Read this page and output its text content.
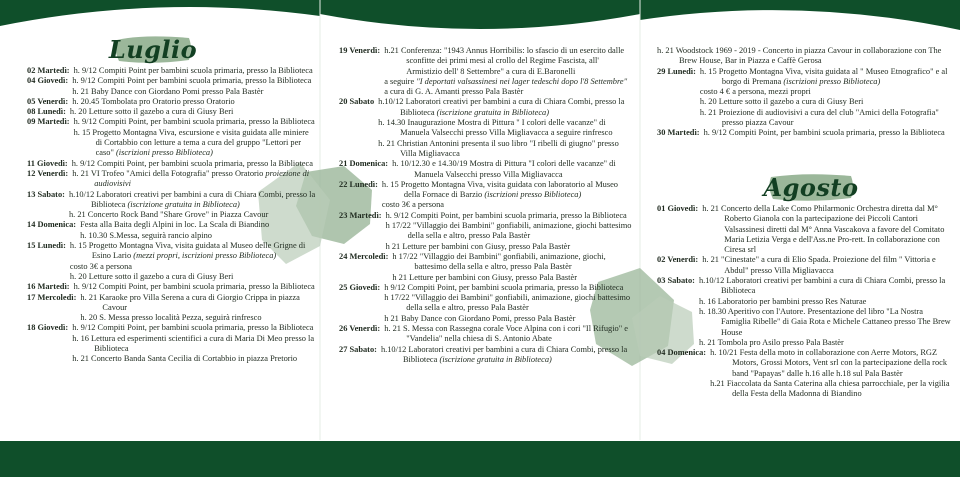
Luglio
02 Martedì: h. 9/12 Compiti Point per bambini scuola primaria, presso la Biblioteca
04 Giovedì: h. 9/12 Compiti Point per bambini scuola primaria, presso la Biblioteca
h. 21 Baby Dance con Giordano Pomi presso Pala Bastèr
05 Venerdì: h. 20.45 Tombolata pro Oratorio presso Oratorio
08 Lunedì: h. 20 Letture sotto il gazebo a cura di Giusy Beri
09 Martedì: h. 9/12 Compiti Point, per bambini scuola primaria, presso la Biblioteca
h. 15 Progetto Montagna Viva, escursione e visita guidata alle miniere di Cortabbio con letture a tema a cura del gruppo "Lettori per caso" (iscrizioni presso Biblioteca)
11 Giovedì: h. 9/12 Compiti Point, per bambini scuola primaria, presso la Biblioteca
12 Venerdì: h. 21 VI Trofeo "Amici della Fotografia" presso Oratorio proiezione di audiovisivi
13 Sabato: h.10/12 Laboratori creativi per bambini a cura di Chiara Combi, presso la Biblioteca (iscrizione gratuita in Biblioteca)
h. 21 Concerto Rock Band "Share Grove" in Piazza Cavour
14 Domenica: Festa alla Baita degli Alpini in loc. La Scala di Biandino
h. 10.30 S.Messa, seguirà rancio alpino
15 Lunedì: h. 15 Progetto Montagna Viva, visita guidata al Museo delle Grigne di Esino Lario (mezzi propri, iscrizioni presso Biblioteca)
costo 3€ a persona
h. 20 Letture sotto il gazebo a cura di Giusy Beri
16 Martedì: h. 9/12 Compiti Point, per bambini scuola primaria, presso la Biblioteca
17 Mercoledì: h. 21 Karaoke pro Villa Serena a cura di Giorgio Crippa in piazza Cavour
h. 20 S. Messa presso località Pezza, seguirà rinfresco
18 Giovedì: h. 9/12 Compiti Point, per bambini scuola primaria, presso la Biblioteca
h. 16 Lettura ed esperimenti scientifici a cura di Maria Di Meo presso la Biblioteca
h. 21 Concerto Banda Santa Cecilia di Cortabbio in piazza Pretorio
19 Venerdì: h.21 Conferenza: "1943 Annus Horribilis: lo sfascio di un esercito dalle sconfitte dei primi mesi al crollo del Regime Fascista, all' Armistizio dell' 8 Settembre" a cura di E.Baronelli
a seguire "I deportati valsassinesi nei lager tedeschi dopo l'8 Settembre"
a cura di G. A. Amanti presso Pala Bastèr
20 Sabato h.10/12 Laboratori creativi per bambini a cura di Chiara Combi, presso la Biblioteca (iscrizione gratuita in Biblioteca)
h. 14.30 Inaugurazione Mostra di Pittura " I colori delle vacanze" di Manuela Valsecchi presso Villa Migliavacca a seguire rinfresco
h. 21 Christian Antonini presenta il suo libro "I ribelli di giugno" presso Villa Migliavacca
21 Domenica: h. 10/12.30 e 14.30/19 Mostra di Pittura "I colori delle vacanze" di Manuela Valsecchi presso Villa Migliavacca
22 Lunedì: h. 15 Progetto Montagna Viva, visita guidata con laboratorio al Museo della Fornace di Barzio (iscrizioni presso Biblioteca)
costo 3€ a persona
23 Martedì: h. 9/12 Compiti Point, per bambini scuola primaria, presso la Biblioteca
h 17/22 "Villaggio dei Bambini" gonfiabili, animazione, giochi battesimo della sella e altro, presso Pala Bastèr
h 21 Letture per bambini con Giusy, presso Pala Bastèr
24 Mercoledì: h 17/22 "Villaggio dei Bambini" gonfiabili, animazione, giochi, battesimo della sella e altro, presso Pala Bastèr
h 21 Letture per bambini con Giusy, presso Pala Bastèr
25 Giovedì: h 9/12 Compiti Point, per bambini scuola primaria, presso la Biblioteca
h 17/22 "Villaggio dei Bambini" gonfiabili, animazione, giochi battesimo della sella e altro, presso Pala Bastèr
h 21 Baby Dance con Giordano Pomi, presso Pala Bastèr
26 Venerdì: h. 21 S. Messa con Rassegna corale Voce Alpina con i cori "Il Rifugio" e "Vandelia" nella chiesa di S. Antonio Abate
27 Sabato: h.10/12 Laboratori creativi per bambini a cura di Chiara Combi, presso la Biblioteca (iscrizione gratuita in Biblioteca)
h. 21 Woodstock 1969 - 2019 - Concerto in piazza Cavour in collaborazione con The Brew House, Bar in Piazza e Caffè Gerosa
29 Lunedì: h. 15 Progetto Montagna Viva, visita guidata al " Museo Etnografico" e al borgo di Premana (iscrizioni presso Biblioteca)
costo 4 € a persona, mezzi propri
h. 20 Letture sotto il gazebo a cura di Giusy Beri
h. 21 Proiezione di audiovisivi a cura del club "Amici della Fotografia" presso piazza Cavour
30 Martedì: h. 9/12 Compiti Point, per bambini scuola primaria, presso la Biblioteca
Agosto
01 Giovedì: h. 21 Concerto della Lake Como Philarmonic Orchestra diretta dal M° Roberto Gianola con la partecipazione dei Piccoli Cantori Valsassinesi diretti dal M° Anna Vascakova a favore del Comitato Maria Letizia Verga e dell'Ass.ne Pro-rett. In collaborazione con Ciresa srl
02 Venerdì: h. 21 "Cinestate" a cura di Elio Spada. Proiezione del film " Vittoria e Abdul" presso Villa Migliavacca
03 Sabato: h.10/12 Laboratori creativi per bambini a cura di Chiara Combi, presso la Biblioteca
h. 16 Laboratorio per bambini presso Res Naturae
h. 18.30 Aperitivo con l'Autore. Presentazione del libro "La Nostra Famiglia Ribelle" di Gaia Rota e Michele Cattaneo presso The Brew House
h. 21 Tombola pro Asilo presso Pala Bastèr
04 Domenica: h. 10/21 Festa della moto in collaborazione con Aerre Motors, RGZ Motors, Grossi Motors, Vent srl con la partecipazione della rock band "Papayas" dalle h.16 alle h.18 sul Pala Bastèr
h.21 Fiaccolata da Santa Caterina alla chiesa parrocchiale, per la vigilia della Festa della Madonna di Biandino
